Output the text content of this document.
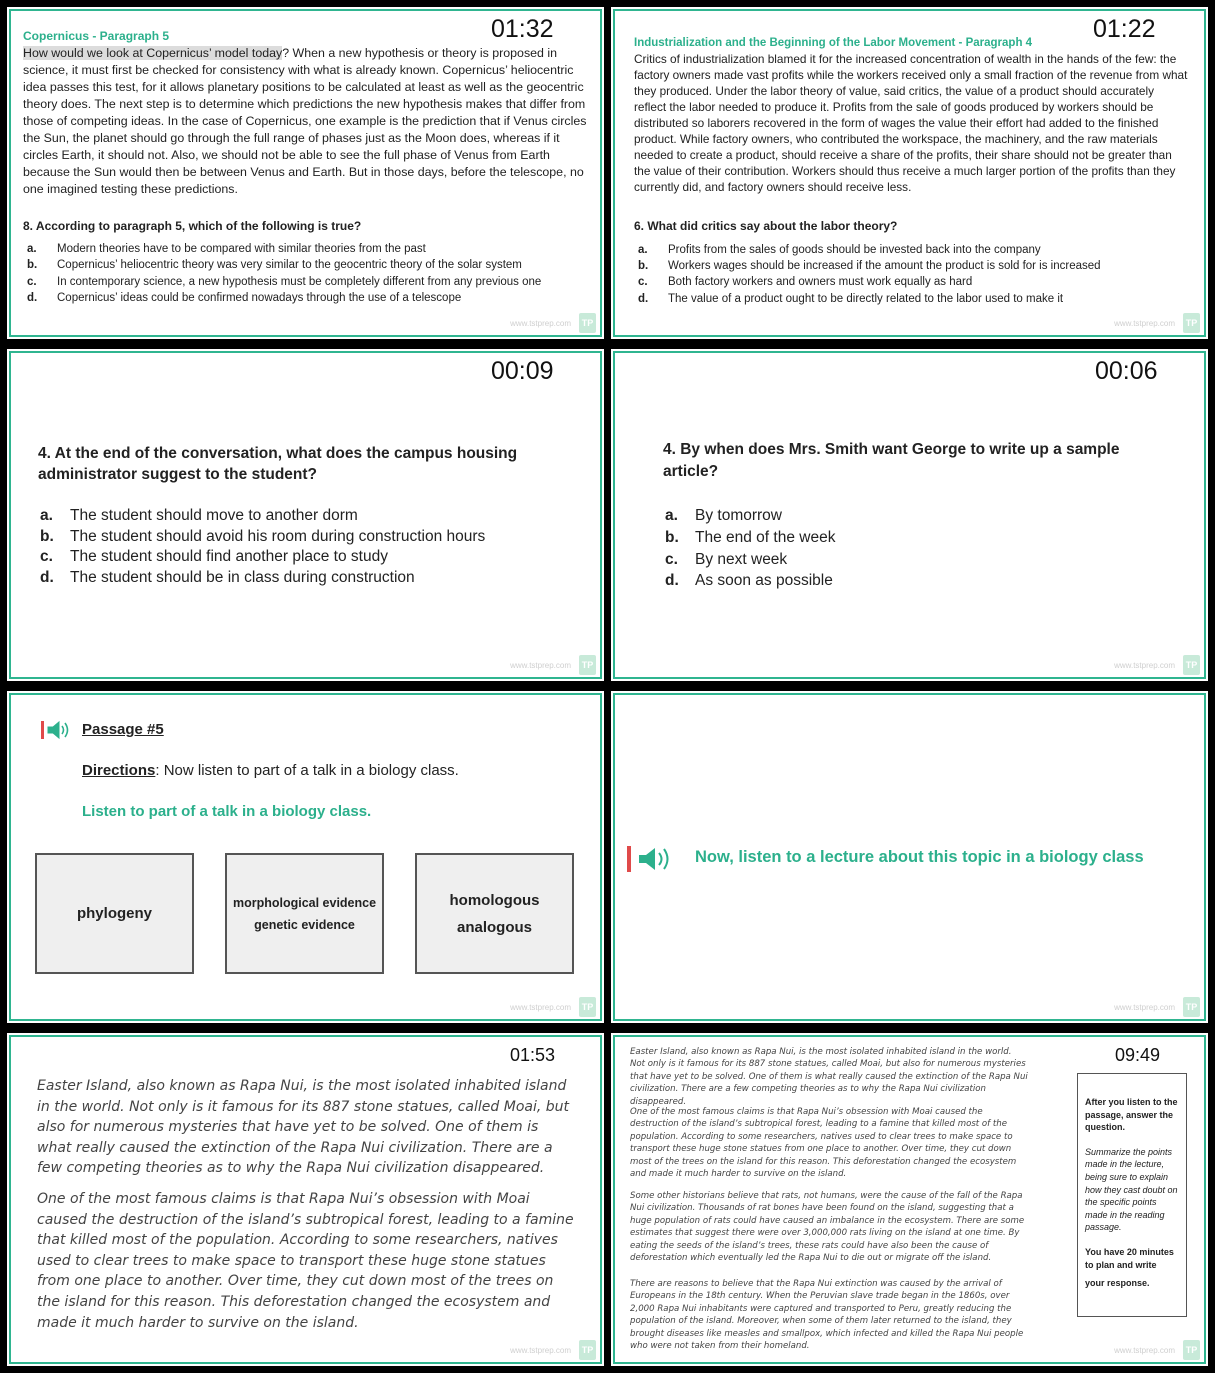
01:32
Copernicus - Paragraph 5
How would we look at Copernicus’ model today? When a new hypothesis or theory is proposed in science, it must first be checked for consistency with what is already known. Copernicus’ heliocentric idea passes this test, for it allows planetary positions to be calculated at least as well as the geocentric theory does. The next step is to determine which predictions the new hypothesis makes that differ from those of competing ideas. In the case of Copernicus, one example is the prediction that if Venus circles the Sun, the planet should go through the full range of phases just as the Moon does, whereas if it circles Earth, it should not. Also, we should not be able to see the full phase of Venus from Earth because the Sun would then be between Venus and Earth. But in those days, before the telescope, no one imagined testing these predictions.
8. According to paragraph 5, which of the following is true?
a.	Modern theories have to be compared with similar theories from the past
b.	Copernicus’ heliocentric theory was very similar to the geocentric theory of the solar system
c.	In contemporary science, a new hypothesis must be completely different from any previous one
d.	Copernicus’ ideas could be confirmed nowadays through the use of a telescope
www.tstprep.com	TP
01:22
Industrialization and the Beginning of the Labor Movement - Paragraph 4
Critics of industrialization blamed it for the increased concentration of wealth in the hands of the few: the factory owners made vast profits while the workers received only a small fraction of the revenue from what they produced. Under the labor theory of value, said critics, the value of a product should accurately reflect the labor needed to produce it. Profits from the sale of goods produced by workers should be distributed so laborers recovered in the form of wages the value their effort had added to the finished product. While factory owners, who contributed the workspace, the machinery, and the raw materials needed to create a product, should receive a share of the profits, their share should not be greater than the value of their contribution. Workers should thus receive a much larger portion of the profits than they currently did, and factory owners should receive less.
6. What did critics say about the labor theory?
a.	Profits from the sales of goods should be invested back into the company
b.	Workers wages should be increased if the amount the product is sold for is increased
c.	Both factory workers and owners must work equally as hard
d.	The value of a product ought to be directly related to the labor used to make it
www.tstprep.com	TP
00:09
4. At the end of the conversation, what does the campus housing administrator suggest to the student?
a.	The student should move to another dorm
b.	The student should avoid his room during construction hours
c.	The student should find another place to study
d.	The student should be in class during construction
www.tstprep.com	TP
00:06
4. By when does Mrs. Smith want George to write up a sample article?
a.	By tomorrow
b.	The end of the week
c.	By next week
d.	As soon as possible
www.tstprep.com	TP
Passage #5
Directions: Now listen to part of a talk in a biology class.
Listen to part of a talk in a biology class.
phylogeny
morphological evidence
genetic evidence
homologous
analogous
www.tstprep.com	TP
Now, listen to a lecture about this topic in a biology class
www.tstprep.com	TP
01:53
Easter Island, also known as Rapa Nui, is the most isolated inhabited island in the world. Not only is it famous for its 887 stone statues, called Moai, but also for numerous mysteries that have yet to be solved. One of them is what really caused the extinction of the Rapa Nui civilization. There are a few competing theories as to why the Rapa Nui civilization disappeared.
One of the most famous claims is that Rapa Nui’s obsession with Moai caused the destruction of the island’s subtropical forest, leading to a famine that killed most of the population. According to some researchers, natives used to clear trees to make space to transport these huge stone statues from one place to another. Over time, they cut down most of the trees on the island for this reason. This deforestation changed the ecosystem and made it much harder to survive on the island.
www.tstprep.com	TP
Easter Island, also known as Rapa Nui, is the most isolated inhabited island in the world. Not only is it famous for its 887 stone statues, called Moai, but also for numerous mysteries that have yet to be solved. One of them is what really caused the extinction of the Rapa Nui civilization. There are a few competing theories as to why the Rapa Nui civilization disappeared.
One of the most famous claims is that Rapa Nui’s obsession with Moai caused the destruction of the island’s subtropical forest, leading to a famine that killed most of the population. According to some researchers, natives used to clear trees to make space to transport these huge stone statues from one place to another. Over time, they cut down most of the trees on the island for this reason. This deforestation changed the ecosystem and made it much harder to survive on the island.
Some other historians believe that rats, not humans, were the cause of the fall of the Rapa Nui civilization. Thousands of rat bones have been found on the island, suggesting that a huge population of rats could have caused an imbalance in the ecosystem. There are some estimates that suggest there were over 3,000,000 rats living on the island at one time. By eating the seeds of the island’s trees, these rats could have also been the cause of deforestation which eventually led the Rapa Nui to die out or migrate off the island.
There are reasons to believe that the Rapa Nui extinction was caused by the arrival of Europeans in the 18th century. When the Peruvian slave trade began in the 1860s, over 2,000 Rapa Nui inhabitants were captured and transported to Peru, greatly reducing the population of the island. Moreover, when some of them later returned to the island, they brought diseases like measles and smallpox, which infected and killed the Rapa Nui people who were not taken from their homeland.
09:49
After you listen to the passage, answer the question.
Summarize the points made in the lecture, being sure to explain how they cast doubt on the specific points made in the reading passage.
You have 20 minutes to plan and write
your response.
www.tstprep.com	TP
